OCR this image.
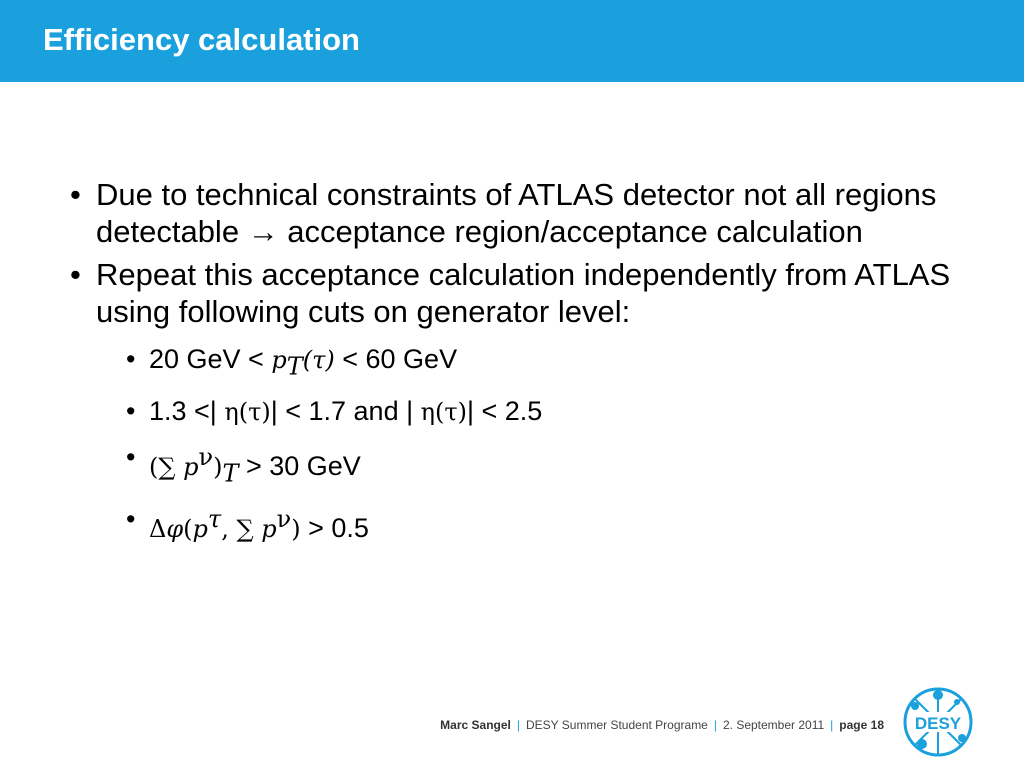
Efficiency calculation
• Due to technical constraints of ATLAS detector not all regions detectable → acceptance region/acceptance calculation
• Repeat this acceptance calculation independently from ATLAS using following cuts on generator level:
• 20 GeV < $p_T(\tau) < 60$ GeV
• 1.3 <| η(τ)| < 1.7 and | η(τ)| < 2.5
• (∑ $p^\nu)_T > 30$ GeV
• $\Delta\varphi(p^\tau$, ∑ $p^\nu) > 0.5$
Marc Sangel | DESY Summer Student Programe | 2. September 2011 | page 18 DESY
